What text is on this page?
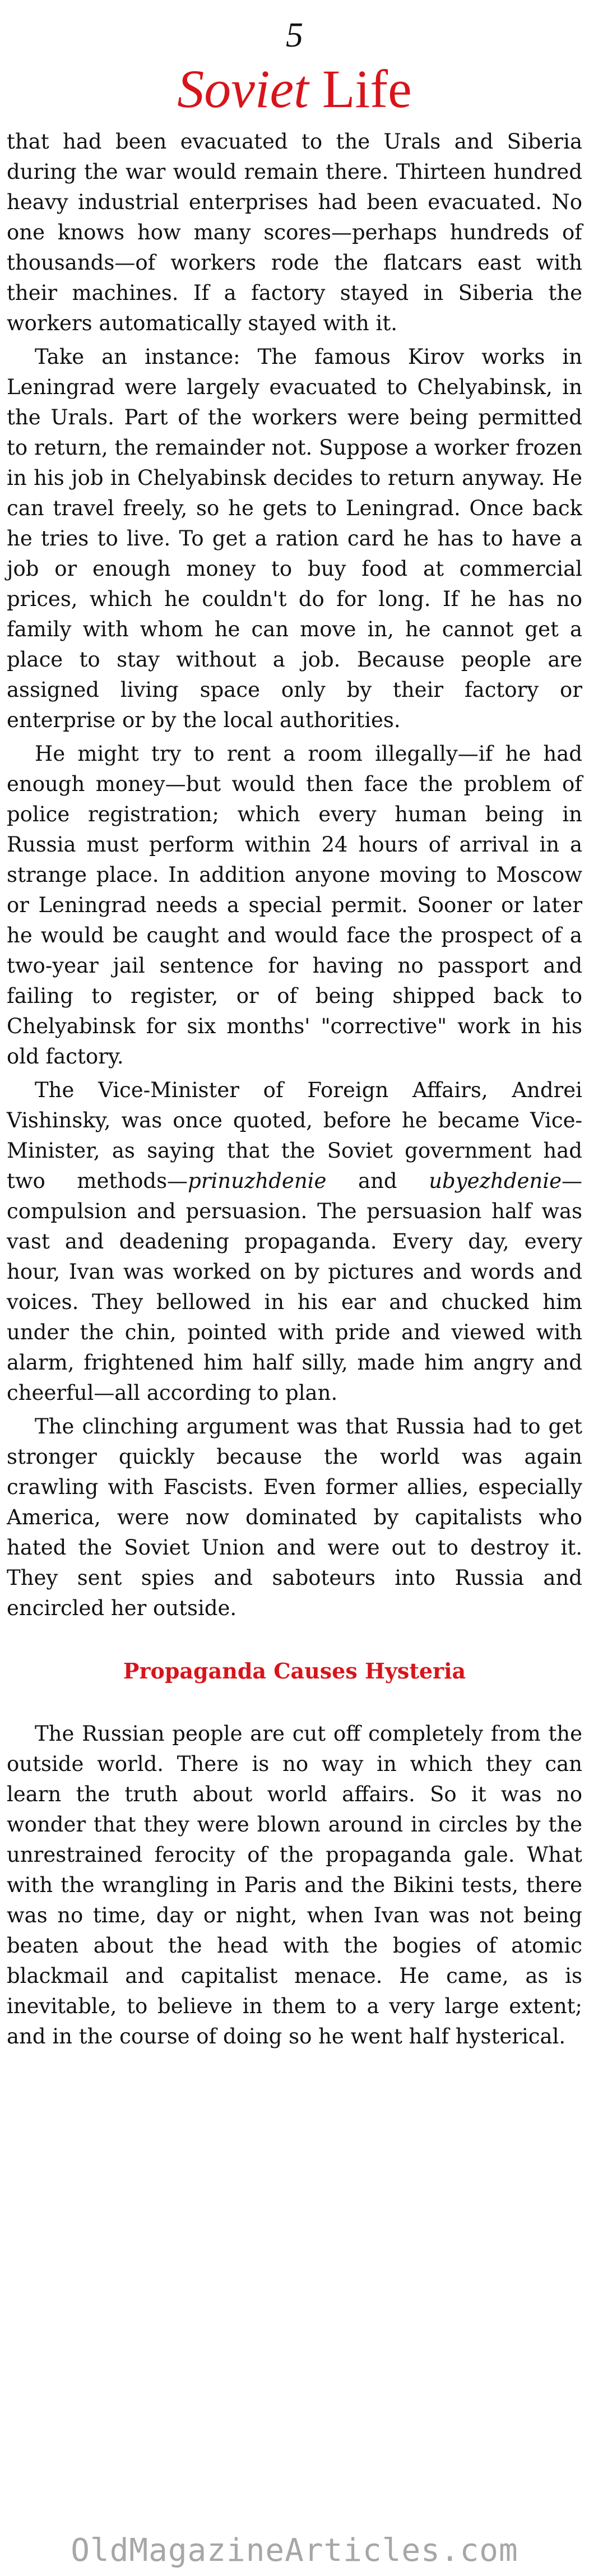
5
Soviet Life

that had been evacuated to the Urals and Siberia during the war would remain there. Thirteen hundred heavy industrial enterprises had been evacuated. No one knows how many scores—perhaps hundreds of thousands—of workers rode the flatcars east with their machines. If a factory stayed in Siberia the workers automatically stayed with it.

Take an instance: The famous Kirov works in Leningrad were largely evacuated to Chelyabinsk, in the Urals. Part of the workers were being permitted to return, the remainder not. Suppose a worker frozen in his job in Chelyabinsk decides to return anyway. He can travel freely, so he gets to Leningrad. Once back he tries to live. To get a ration card he has to have a job or enough money to buy food at commercial prices, which he couldn't do for long. If he has no family with whom he can move in, he cannot get a place to stay without a job. Because people are assigned living space only by their factory or enterprise or by the local authorities.

He might try to rent a room illegally—if he had enough money—but would then face the problem of police registration; which every human being in Russia must perform within 24 hours of arrival in a strange place. In addition anyone moving to Moscow or Leningrad needs a special permit. Sooner or later he would be caught and would face the prospect of a two-year jail sentence for having no passport and failing to register, or of being shipped back to Chelyabinsk for six months' "corrective" work in his old factory.

The Vice-Minister of Foreign Affairs, Andrei Vishinsky, was once quoted, before he became Vice-Minister, as saying that the Soviet government had two methods—prinuzhdenie and ubyezhdenie—compulsion and persuasion. The persuasion half was vast and deadening propaganda. Every day, every hour, Ivan was worked on by pictures and words and voices. They bellowed in his ear and chucked him under the chin, pointed with pride and viewed with alarm, frightened him half silly, made him angry and cheerful—all according to plan.

The clinching argument was that Russia had to get stronger quickly because the world was again crawling with Fascists. Even former allies, especially America, were now dominated by capitalists who hated the Soviet Union and were out to destroy it. They sent spies and saboteurs into Russia and encircled her outside.

Propaganda Causes Hysteria

The Russian people are cut off completely from the outside world. There is no way in which they can learn the truth about world affairs. So it was no wonder that they were blown around in circles by the unrestrained ferocity of the propaganda gale. What with the wrangling in Paris and the Bikini tests, there was no time, day or night, when Ivan was not being beaten about the head with the bogies of atomic blackmail and capitalist menace. He came, as is inevitable, to believe in them to a very large extent; and in the course of doing so he went half hysterical.

OldMagazineArticles.com
